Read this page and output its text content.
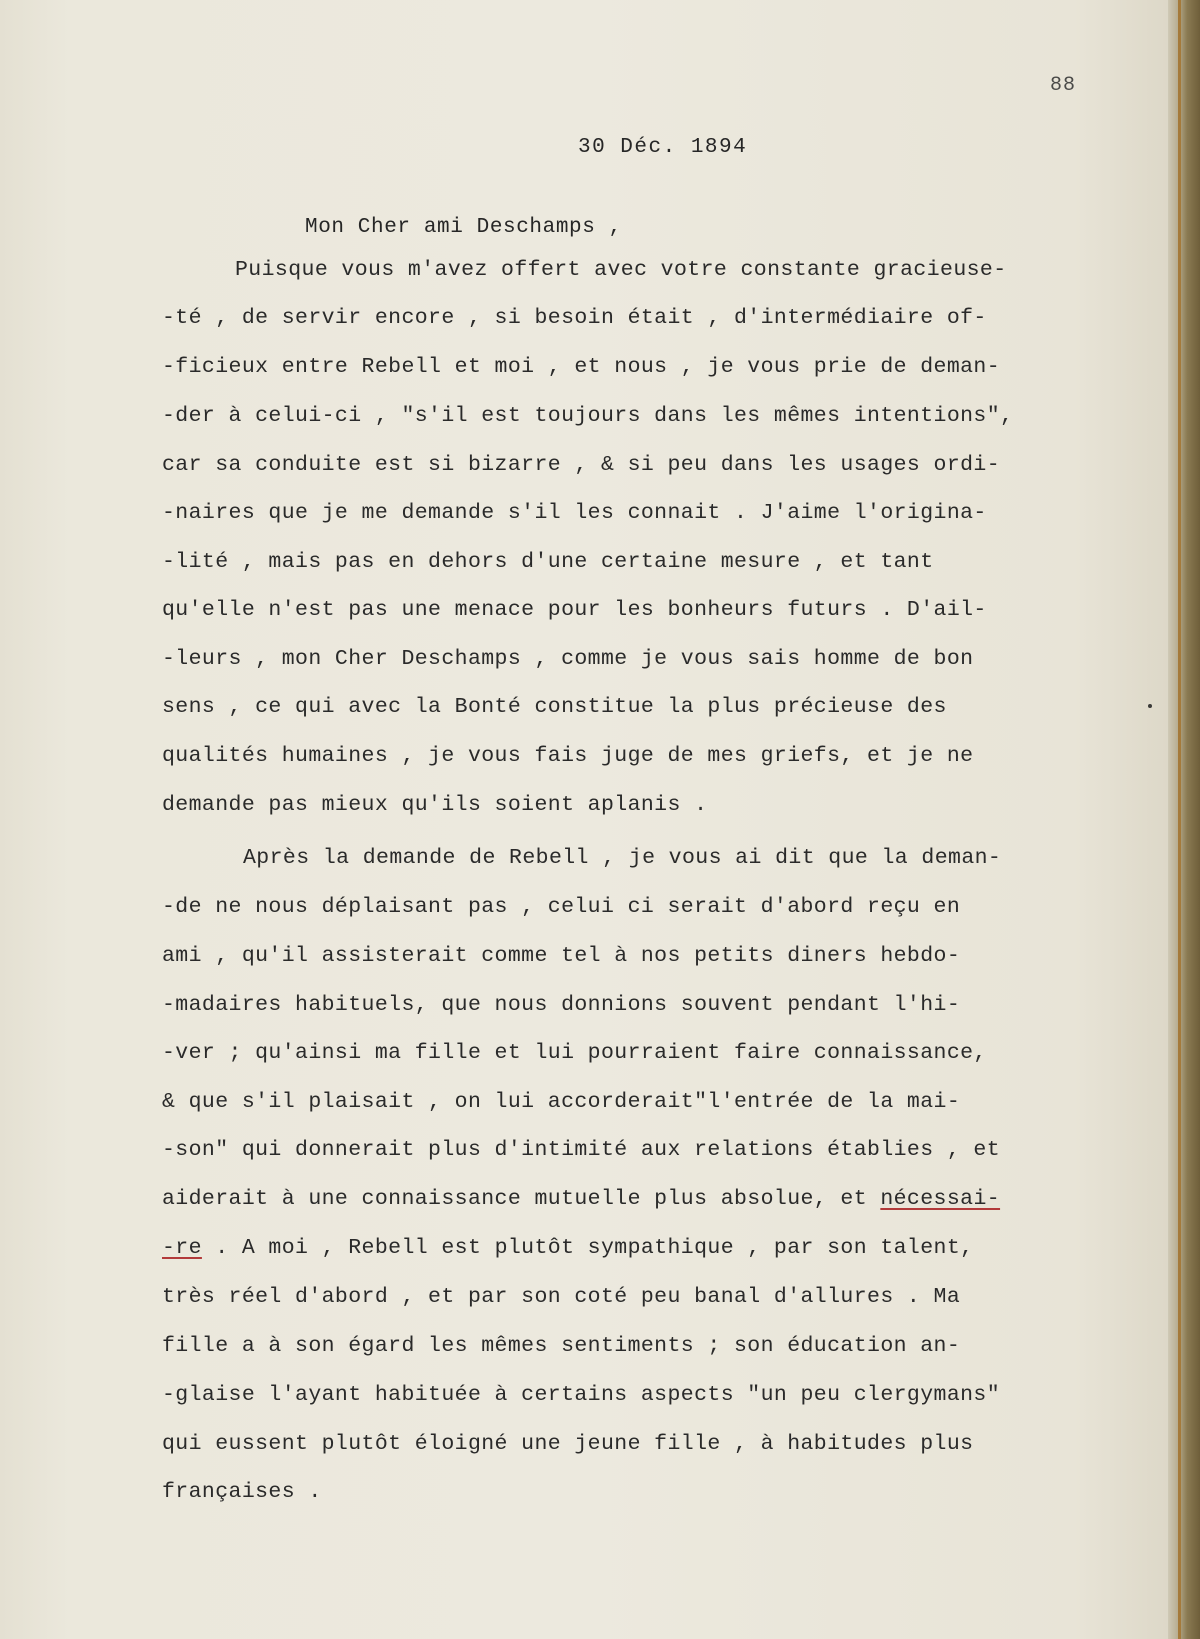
88
30 Déc. 1894
Mon Cher ami Deschamps ,
Puisque vous m'avez offert avec votre constante gracieuse-
-té , de servir encore , si besoin était , d'intermédiaire of-
-ficieux entre Rebell et moi , et nous , je vous prie de deman-
-der à celui-ci , "s'il est toujours dans les mêmes intentions",
car sa conduite est si bizarre , & si peu dans les usages ordi-
-naires que je me demande s'il les connait . J'aime l'origina-
-lité , mais pas en dehors d'une certaine mesure , et tant
qu'elle n'est pas une menace pour les bonheurs futurs . D'ail-
-leurs , mon Cher Deschamps , comme je vous sais homme de bon
sens , ce qui avec la Bonté constitue la plus précieuse des
qualités humaines , je vous fais juge de mes griefs, et je ne
demande pas mieux qu'ils soient aplanis .
Après la demande de Rebell , je vous ai dit que la deman-
-de ne nous déplaisant pas , celui ci serait d'abord reçu en
ami , qu'il assisterait comme tel à nos petits diners hebdo-
-madaires habituels, que nous donnions souvent pendant l'hi-
-ver ; qu'ainsi ma fille et lui pourraient faire connaissance,
& que s'il plaisait , on lui accorderait"l'entrée de la mai-
-son" qui donnerait plus d'intimité aux relations établies , et
aiderait à une connaissance mutuelle plus absolue, et nécessai-
-re . A moi , Rebell est plutôt sympathique , par son talent,
très réel d'abord , et par son coté peu banal d'allures . Ma
fille a à son égard les mêmes sentiments ; son éducation an-
-glaise l'ayant habituée à certains aspects "un peu clergymans"
qui eussent plutôt éloigné une jeune fille , à habitudes plus
françaises .
